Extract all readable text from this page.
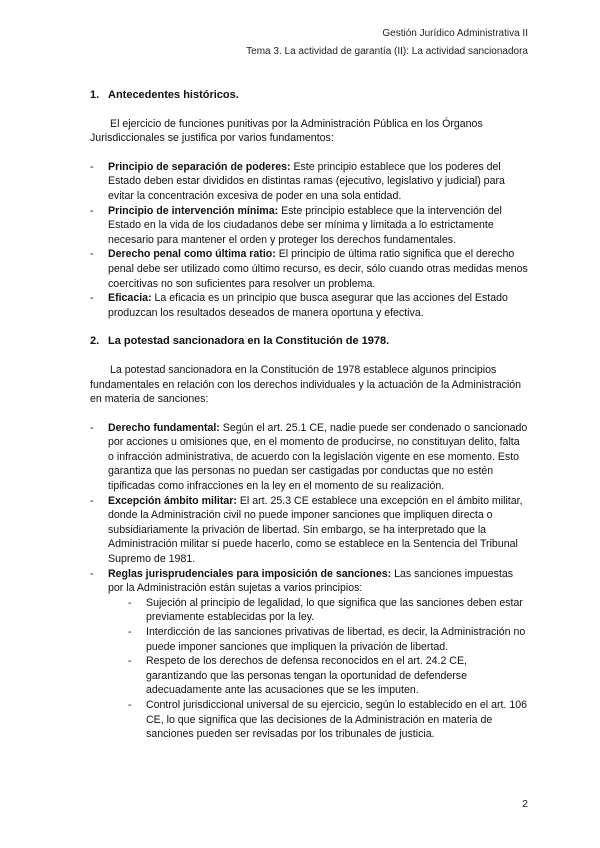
Gestión Jurídico Administrativa II
Tema 3. La actividad de garantía (II): La actividad sancionadora
1. Antecedentes históricos.

El ejercicio de funciones punitivas por la Administración Pública en los Órganos Jurisdiccionales se justifica por varios fundamentos:

- Principio de separación de poderes: Este principio establece que los poderes del Estado deben estar divididos en distintas ramas (ejecutivo, legislativo y judicial) para evitar la concentración excesiva de poder en una sola entidad.
- Principio de intervención mínima: Este principio establece que la intervención del Estado en la vida de los ciudadanos debe ser mínima y limitada a lo estrictamente necesario para mantener el orden y proteger los derechos fundamentales.
- Derecho penal como última ratio: El principio de última ratio significa que el derecho penal debe ser utilizado como último recurso, es decir, sólo cuando otras medidas menos coercitivas no son suficientes para resolver un problema.
- Eficacia: La eficacia es un principio que busca asegurar que las acciones del Estado produzcan los resultados deseados de manera oportuna y efectiva.
2. La potestad sancionadora en la Constitución de 1978.

La potestad sancionadora en la Constitución de 1978 establece algunos principios fundamentales en relación con los derechos individuales y la actuación de la Administración en materia de sanciones:

- Derecho fundamental: Según el art. 25.1 CE, nadie puede ser condenado o sancionado por acciones u omisiones que, en el momento de producirse, no constituyan delito, falta o infracción administrativa, de acuerdo con la legislación vigente en ese momento. Esto garantiza que las personas no puedan ser castigadas por conductas que no estén tipificadas como infracciones en la ley en el momento de su realización.
- Excepción ámbito militar: El art. 25.3 CE establece una excepción en el ámbito militar, donde la Administración civil no puede imponer sanciones que impliquen directa o subsidiariamente la privación de libertad. Sin embargo, se ha interpretado que la Administración militar sí puede hacerlo, como se establece en la Sentencia del Tribunal Supremo de 1981.
- Reglas jurisprudenciales para imposición de sanciones: Las sanciones impuestas por la Administración están sujetas a varios principios:
- Sujeción al principio de legalidad, lo que significa que las sanciones deben estar previamente establecidas por la ley.
- Interdicción de las sanciones privativas de libertad, es decir, la Administración no puede imponer sanciones que impliquen la privación de libertad.
- Respeto de los derechos de defensa reconocidos en el art. 24.2 CE, garantizando que las personas tengan la oportunidad de defenderse adecuadamente ante las acusaciones que se les imputen.
- Control jurisdiccional universal de su ejercicio, según lo establecido en el art. 106 CE, lo que significa que las decisiones de la Administración en materia de sanciones pueden ser revisadas por los tribunales de justicia.
2
